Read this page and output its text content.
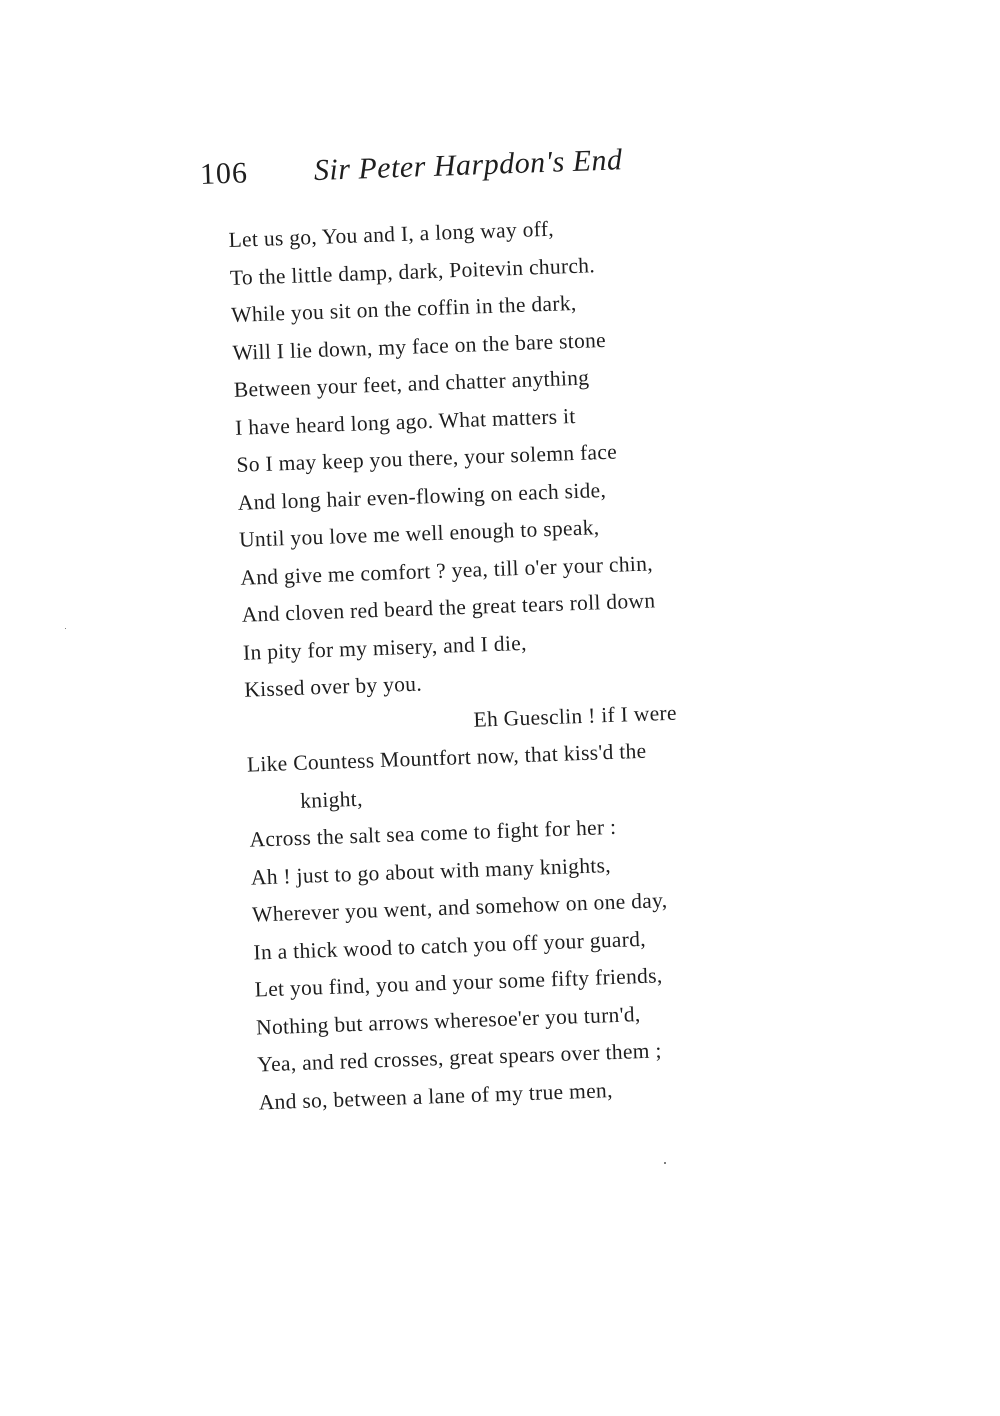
106 Sir Peter Harpdon's End
Let us go, You and I, a long way off,
To the little damp, dark, Poitevin church.
While you sit on the coffin in the dark,
Will I lie down, my face on the bare stone
Between your feet, and chatter anything
I have heard long ago. What matters it
So I may keep you there, your solemn face
And long hair even-flowing on each side,
Until you love me well enough to speak,
And give me comfort ? yea, till o'er your chin,
And cloven red beard the great tears roll down
In pity for my misery, and I die,
Kissed over by you.
Eh Guesclin ! if I were
Like Countess Mountfort now, that kiss'd the
knight,
Across the salt sea come to fight for her :
Ah ! just to go about with many knights,
Wherever you went, and somehow on one day,
In a thick wood to catch you off your guard,
Let you find, you and your some fifty friends,
Nothing but arrows wheresoe'er you turn'd,
Yea, and red crosses, great spears over them ;
And so, between a lane of my true men,
